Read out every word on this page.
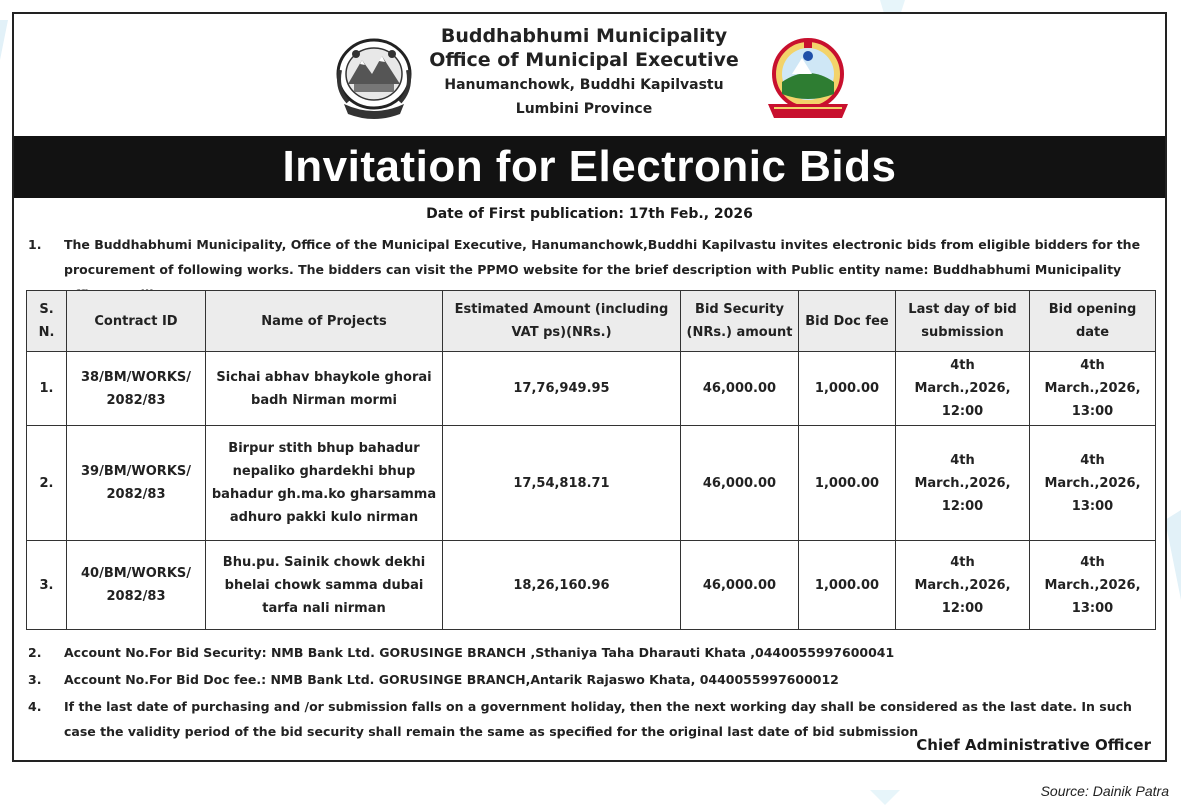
Buddhabhumi Municipality
Office of Municipal Executive
Hanumanchowk, Buddhi Kapilvastu
Lumbini Province
Invitation for Electronic Bids
Date of First publication: 17th Feb., 2026
1. The Buddhabhumi Municipality, Office of the Municipal Executive, Hanumanchowk,Buddhi Kapilvastu invites electronic bids from eligible bidders for the procurement of following works. The bidders can visit the PPMO website for the brief description with Public entity name: Buddhabhumi Municipality
S. N.	Contract ID	Name of Projects	Estimated Amount (including VAT ps)(NRs.)	Bid Security (NRs.) amount	Bid Doc fee	Last day of bid submission	Bid opening date
1.	38/BM/WORKS/ 2082/83	Sichai abhav bhaykole ghorai badh Nirman mormi	17,76,949.95	46,000.00	1,000.00	4th March.,2026, 12:00	4th March.,2026, 13:00
2.	39/BM/WORKS/ 2082/83	Birpur stith bhup bahadur nepaliko ghardekhi bhup bahadur gh.ma.ko gharsamma adhuro pakki kulo nirman	17,54,818.71	46,000.00	1,000.00	4th March.,2026, 12:00	4th March.,2026, 13:00
3.	40/BM/WORKS/ 2082/83	Bhu.pu. Sainik chowk dekhi bhelai chowk samma dubai tarfa nali nirman	18,26,160.96	46,000.00	1,000.00	4th March.,2026, 12:00	4th March.,2026, 13:00
2. Account No.For Bid Security: NMB Bank Ltd. GORUSINGE BRANCH ,Sthaniya Taha Dharauti Khata ,0440055997600041
3. Account No.For Bid Doc fee.: NMB Bank Ltd. GORUSINGE BRANCH,Antarik Rajaswo Khata, 0440055997600012
4. If the last date of purchasing and /or submission falls on a government holiday, then the next working day shall be considered as the last date. In such case the validity period of the bid security shall remain the same as specified for the original last date of bid submission
Chief Administrative Officer
Source: Dainik Patra
